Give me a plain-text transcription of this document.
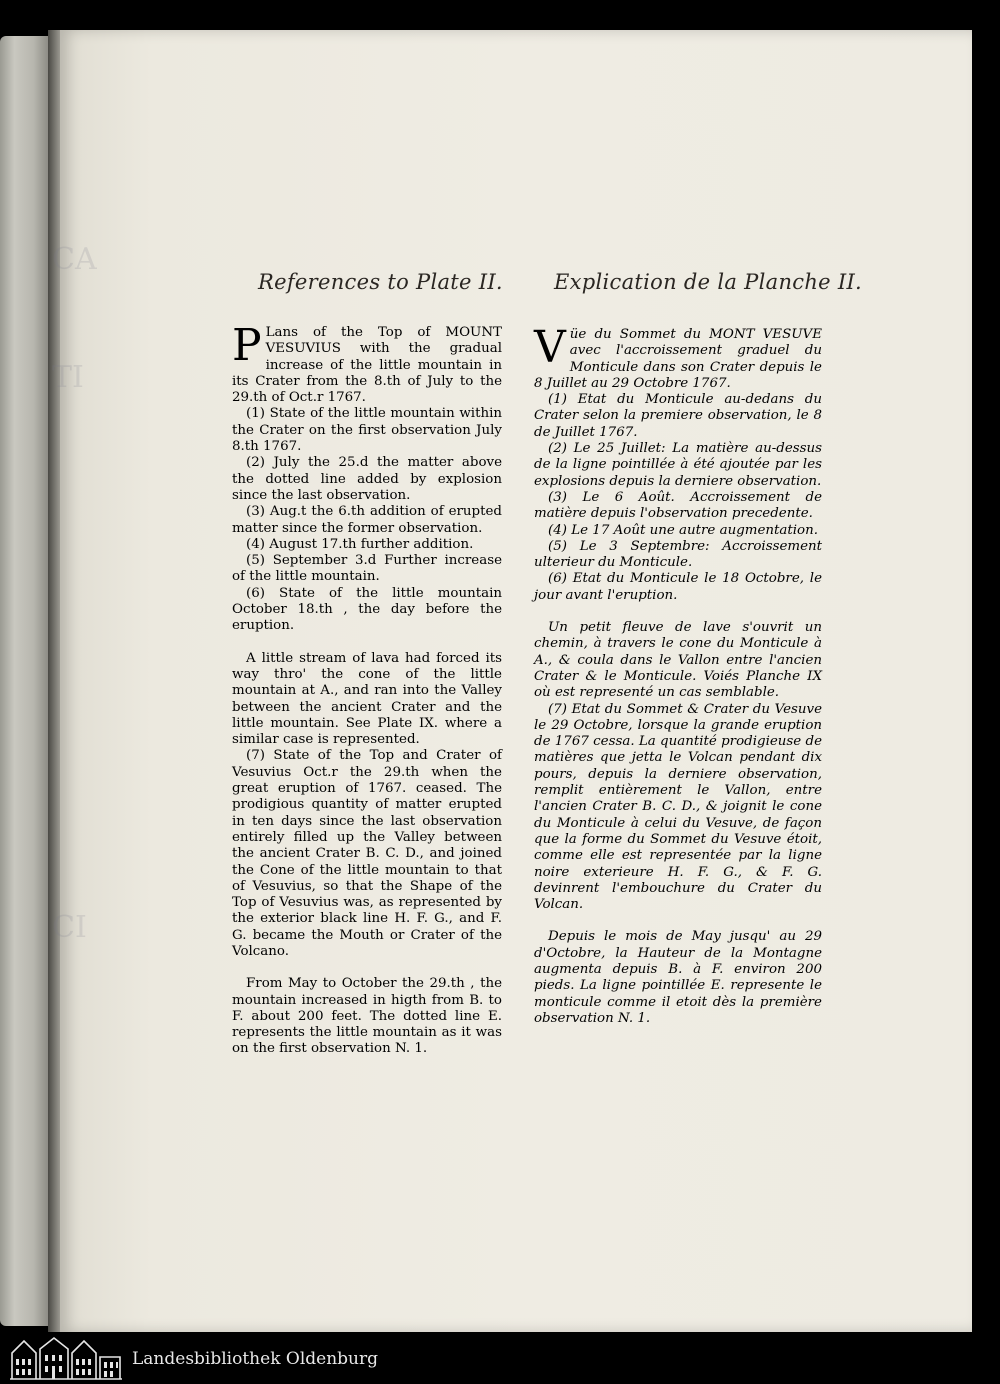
CA
TI
CI
References to Plate II. Explication de la Planche II.

P Lans of the Top of MOUNT VESUVIUS with the gradual increase of the little mountain in its Crater from the 8.th of July to the 29.th of Oct.r 1767.

(1) State of the little mountain within the Crater on the first observation July 8.th 1767.

(2) July the 25.d the matter above the dotted line added by explosion since the last observation.

(3) Aug.t the 6.th addition of erupted matter since the former observation.

(4) August 17.th further addition.

(5) September 3.d Further increase of the little mountain.

(6) State of the little mountain October 18.th , the day before the eruption.

A little stream of lava had forced its way thro' the cone of the little mountain at A., and ran into the Valley between the ancient Crater and the little mountain. See Plate IX. where a similar case is represented.

(7) State of the Top and Crater of Vesuvius Oct.r the 29.th when the great eruption of 1767. ceased. The prodigious quantity of matter erupted in ten days since the last observation entirely filled up the Valley between the ancient Crater B. C. D., and joined the Cone of the little mountain to that of Vesuvius, so that the Shape of the Top of Vesuvius was, as represented by the exterior black line H. F. G., and F. G. became the Mouth or Crater of the Volcano.

From May to October the 29.th , the mountain increased in higth from B. to F. about 200 feet. The dotted line E. represents the little mountain as it was on the first observation N. 1.

Vüe du Sommet du MONT VESUVE avec l'accroissement graduel du Monticule dans son Crater depuis le 8 Juillet au 29 Octobre 1767.

(1) Etat du Monticule au-dedans du Crater selon la premiere observation, le 8 de Juillet 1767.

(2) Le 25 Juillet: La matière au-dessus de la ligne pointillée à été ajoutée par les explosions depuis la derniere observation.

(3) Le 6 Août. Accroissement de matière depuis l'observation precedente.

(4) Le 17 Août une autre augmentation.

(5) Le 3 Septembre: Accroissement ulterieur du Monticule.

(6) Etat du Monticule le 18 Octobre, le jour avant l'eruption.

Un petit fleuve de lave s'ouvrit un chemin, à travers le cone du Monticule à A., & coula dans le Vallon entre l'ancien Crater & le Monticule. Voiés Planche IX où est representé un cas semblable.

(7) Etat du Sommet & Crater du Vesuve le 29 Octobre, lorsque la grande eruption de 1767 cessa. La quantité prodigieuse de matières que jetta le Volcan pendant dix pours, depuis la derniere observation, remplit entièrement le Vallon, entre l'ancien Crater B. C. D., & joignit le cone du Monticule à celui du Vesuve, de façon que la forme du Sommet du Vesuve étoit, comme elle est representée par la ligne noire exterieure H. F. G., & F. G. devinrent l'embouchure du Crater du Volcan.

Depuis le mois de May jusqu' au 29 d'Octobre, la Hauteur de la Montagne augmenta depuis B. à F. environ 200 pieds. La ligne pointillée E. represente le monticule comme il etoit dès la première observation N. 1.

Landesbibliothek Oldenburg
